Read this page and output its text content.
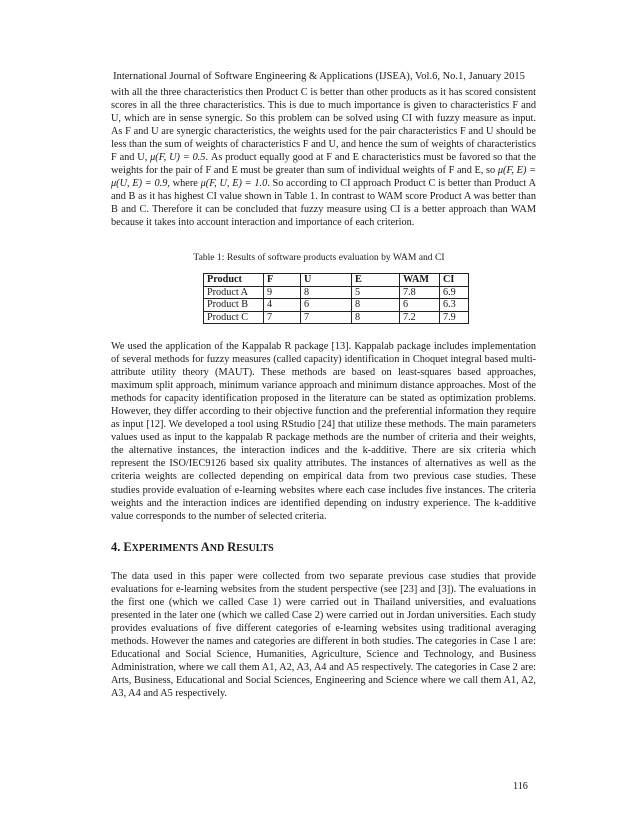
International Journal of Software Engineering & Applications (IJSEA), Vol.6, No.1, January 2015
with all the three characteristics then Product C is better than other products as it has scored consistent scores in all the three characteristics. This is due to much importance is given to characteristics F and U, which are in sense synergic. So this problem can be solved using CI with fuzzy measure as input. As F and U are synergic characteristics, the weights used for the pair characteristics F and U should be less than the sum of weights of characteristics F and U, and hence the sum of weights of characteristics F and U, μ(F, U) = 0.5. As product equally good at F and E characteristics must be favored so that the weights for the pair of F and E must be greater than sum of individual weights of F and E, so μ(F, E) = μ(U, E) = 0.9, where μ(F, U, E) = 1.0. So according to CI approach Product C is better than Product A and B as it has highest CI value shown in Table 1. In contrast to WAM score Product A was better than B and C. Therefore it can be concluded that fuzzy measure using CI is a better approach than WAM because it takes into account interaction and importance of each criterion.
Table 1: Results of software products evaluation by WAM and CI
Product	F	U	E	WAM	CI
Product A	9	8	5	7.8	6.9
Product B	4	6	8	6	6.3
Product C	7	7	8	7.2	7.9
We used the application of the Kappalab R package [13]. Kappalab package includes implementation of several methods for fuzzy measures (called capacity) identification in Choquet integral based multi-attribute utility theory (MAUT). These methods are based on least-squares based approaches, maximum split approach, minimum variance approach and minimum distance approaches. Most of the methods for capacity identification proposed in the literature can be stated as optimization problems. However, they differ according to their objective function and the preferential information they require as input [12]. We developed a tool using RStudio [24] that utilize these methods. The main parameters values used as input to the kappalab R package methods are the number of criteria and their weights, the alternative instances, the interaction indices and the k-additive. There are six criteria which represent the ISO/IEC9126 based six quality attributes. The instances of alternatives as well as the criteria weights are collected depending on empirical data from two previous case studies. These studies provide evaluation of e-learning websites where each case includes five instances. The criteria weights and the interaction indices are identified depending on industry experience. The k-additive value corresponds to the number of selected criteria.
4. EXPERIMENTS AND RESULTS
The data used in this paper were collected from two separate previous case studies that provide evaluations for e-learning websites from the student perspective (see [23] and [3]). The evaluations in the first one (which we called Case 1) were carried out in Thailand universities, and evaluations presented in the later one (which we called Case 2) were carried out in Jordan universities. Each study provides evaluations of five different categories of e-learning websites using traditional averaging methods. However the names and categories are different in both studies. The categories in Case 1 are: Educational and Social Science, Humanities, Agriculture, Science and Technology, and Business Administration, where we call them A1, A2, A3, A4 and A5 respectively. The categories in Case 2 are: Arts, Business, Educational and Social Sciences, Engineering and Science where we call them A1, A2, A3, A4 and A5 respectively.
116
